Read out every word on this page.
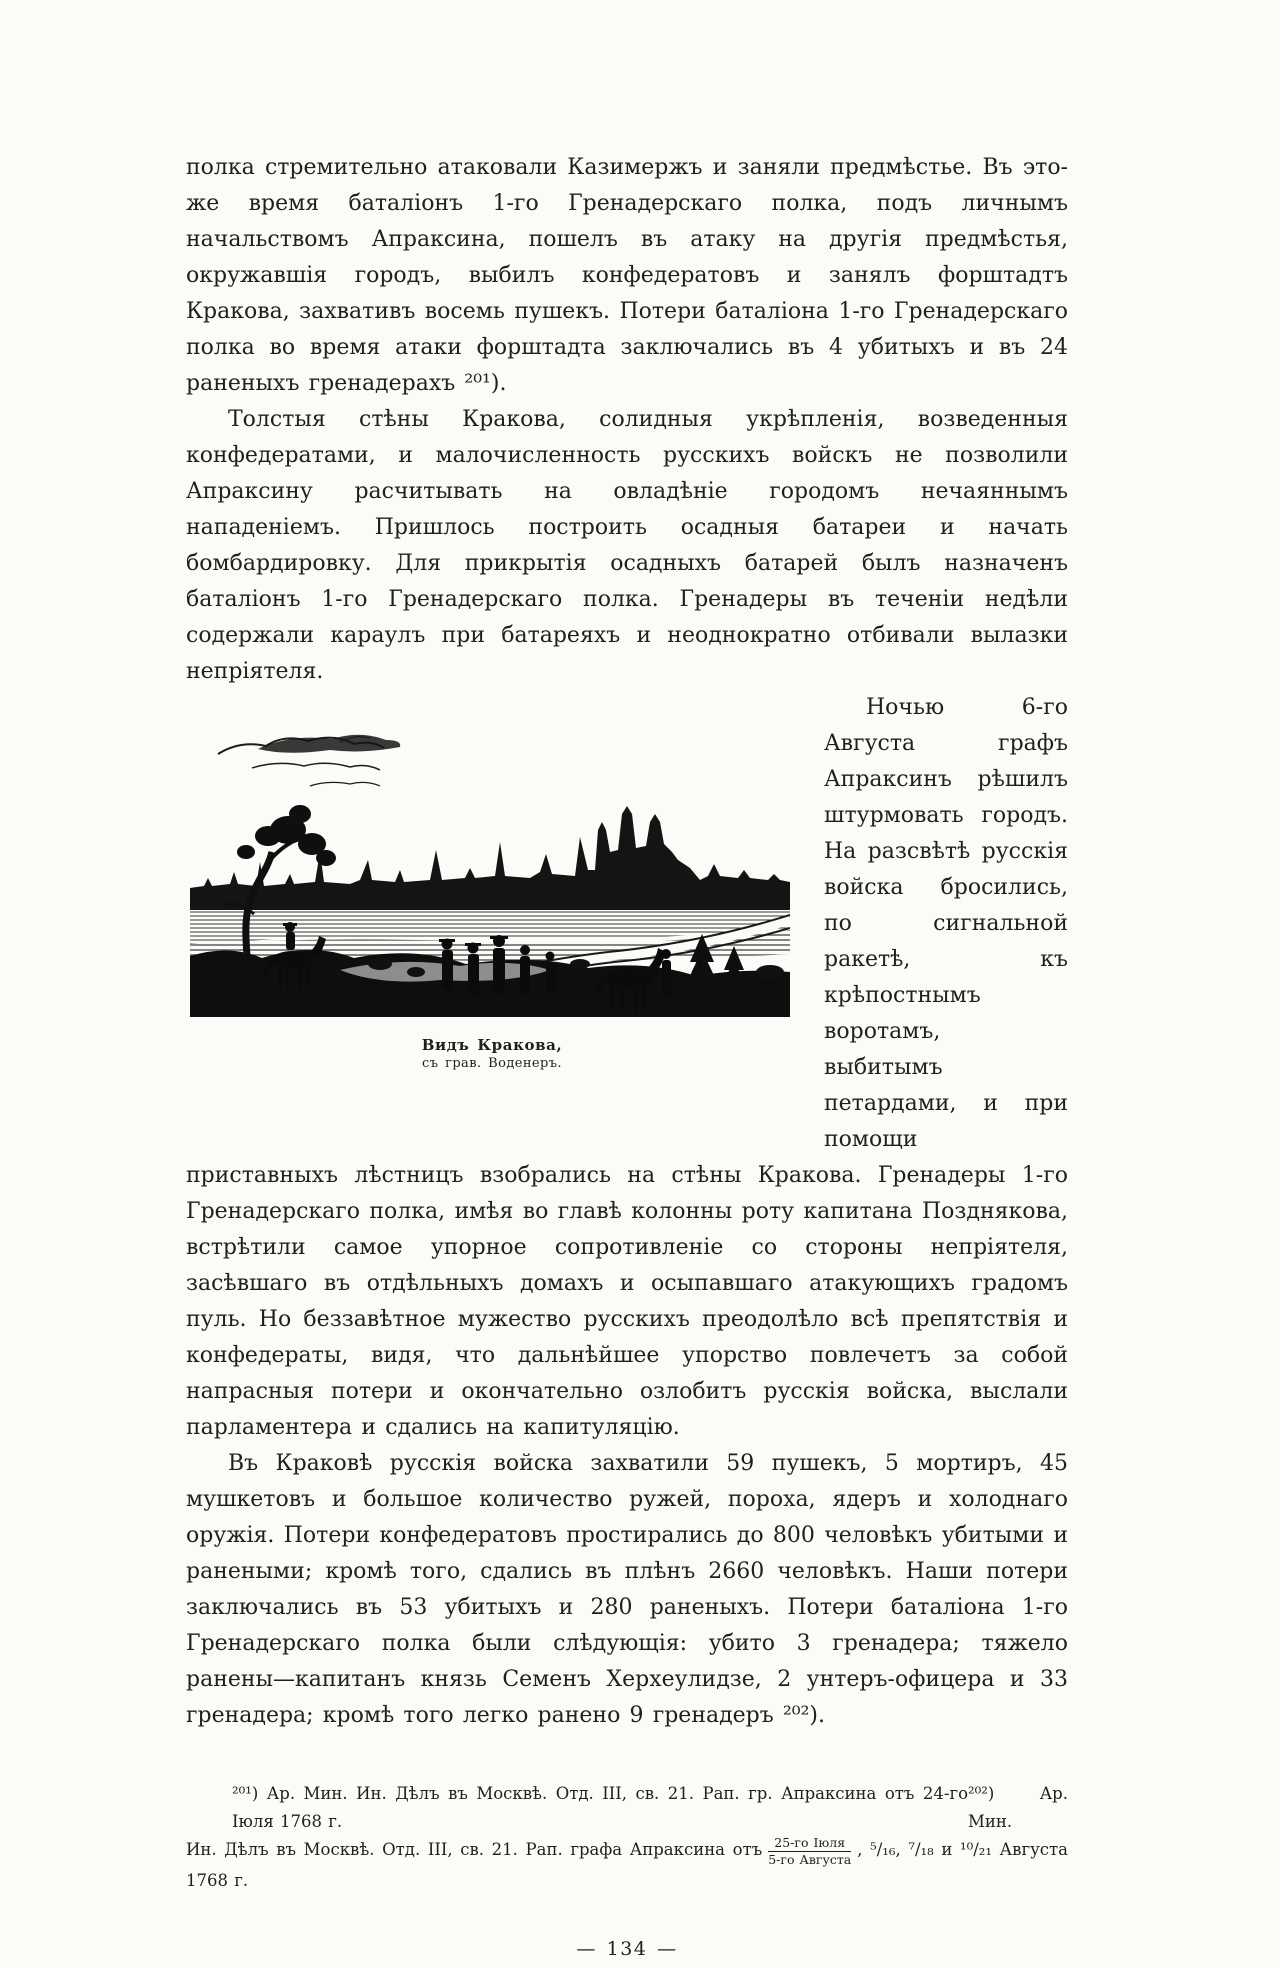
полка стремительно атаковали Казимержъ и заняли предмѣстье. Въ это-же время баталіонъ 1-го Гренадерскаго полка, подъ личнымъ начальствомъ Апраксина, пошелъ въ атаку на другія предмѣстья, окружавшія городъ, выбилъ конфедератовъ и занялъ форштадтъ Кракова, захвативъ восемь пушекъ. Потери баталіона 1-го Гренадерскаго полка во время атаки форштадта заключались въ 4 убитыхъ и въ 24 раненыхъ гренадерахъ ²⁰¹).

Толстыя стѣны Кракова, солидныя укрѣпленія, возведенныя конфедератами, и малочисленность русскихъ войскъ не позволили Апраксину расчитывать на овладѣніе городомъ нечаяннымъ нападеніемъ. Пришлось построить осадныя батареи и начать бомбардировку. Для прикрытія осадныхъ батарей былъ назначенъ баталіонъ 1-го Гренадерскаго полка. Гренадеры въ теченіи недѣли содержали караулъ при батареяхъ и неоднократно отбивали вылазки непріятеля.

Видъ Кракова,
съ грав. Воденеръ.

Ночью 6-го Августа графъ Апраксинъ рѣшилъ штурмовать городъ. На разсвѣтѣ русскія войска бросились, по сигнальной ракетѣ, къ крѣпостнымъ воротамъ, выбитымъ петардами, и при помощи приставныхъ лѣстницъ взобрались на стѣны Кракова. Гренадеры 1-го Гренадерскаго полка, имѣя во главѣ колонны роту капитана Позднякова, встрѣтили самое упорное сопротивленіе со стороны непріятеля, засѣвшаго въ отдѣльныхъ домахъ и осыпавшаго атакующихъ градомъ пуль. Но беззавѣтное мужество русскихъ преодолѣло всѣ препятствія и конфедераты, видя, что дальнѣйшее упорство повлечетъ за собой напрасныя потери и окончательно озлобитъ русскія войска, выслали парламентера и сдались на капитуляцію.

Въ Краковѣ русскія войска захватили 59 пушекъ, 5 мортиръ, 45 мушкетовъ и большое количество ружей, пороха, ядеръ и холоднаго оружія. Потери конфедератовъ простирались до 800 человѣкъ убитыми и ранеными; кромѣ того, сдались въ плѣнъ 2660 человѣкъ. Наши потери заключались въ 53 убитыхъ и 280 раненыхъ. Потери баталіона 1-го Гренадерскаго полка были слѣдующія: убито 3 гренадера; тяжело ранены—капитанъ князь Семенъ Херхеулидзе, 2 унтеръ-офицера и 33 гренадера; кромѣ того легко ранено 9 гренадеръ ²⁰²).

²⁰¹) Ар. Мин. Ин. Дѣлъ въ Москвѣ. Отд. III, св. 21. Рап. гр. Апраксина отъ 24-го Іюля 1768 г.
²⁰²) Ар. Мин.
Ин. Дѣлъ въ Москвѣ. Отд. III, св. 21. Рап. графа Апраксина отъ 25-го Іюля
5-го Августа
, ⁵/₁₆, ⁷/₁₈ и ¹⁰/₂₁ Августа 1768 г.
— 134 —
